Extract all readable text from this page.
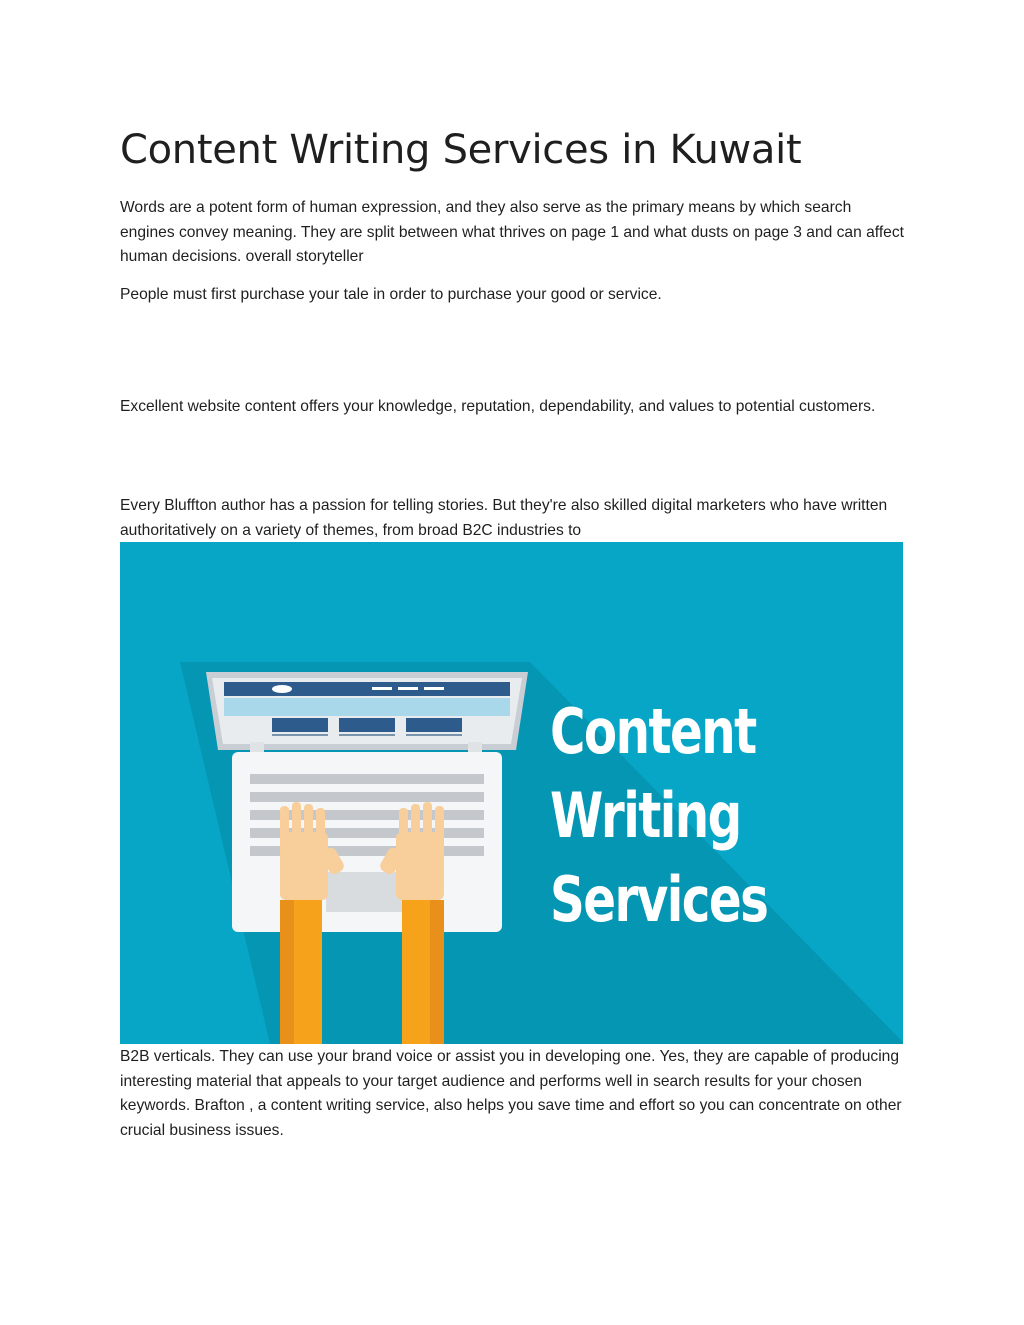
Content Writing Services in Kuwait

Words are a potent form of human expression, and they also serve as the primary means by which search engines convey meaning. They are split between what thrives on page 1 and what dusts on page 3 and can affect human decisions. overall storyteller

People must first purchase your tale in order to purchase your good or service.

Excellent website content offers your knowledge, reputation, dependability, and values to potential customers.

Every Bluffton author has a passion for telling stories. But they're also skilled digital marketers who have written authoritatively on a variety of themes, from broad B2C industries to

Content
Writing
Services

B2B verticals. They can use your brand voice or assist you in developing one. Yes, they are capable of producing interesting material that appeals to your target audience and performs well in search results for your chosen keywords. Brafton , a content writing service, also helps you save time and effort so you can concentrate on other crucial business issues.
